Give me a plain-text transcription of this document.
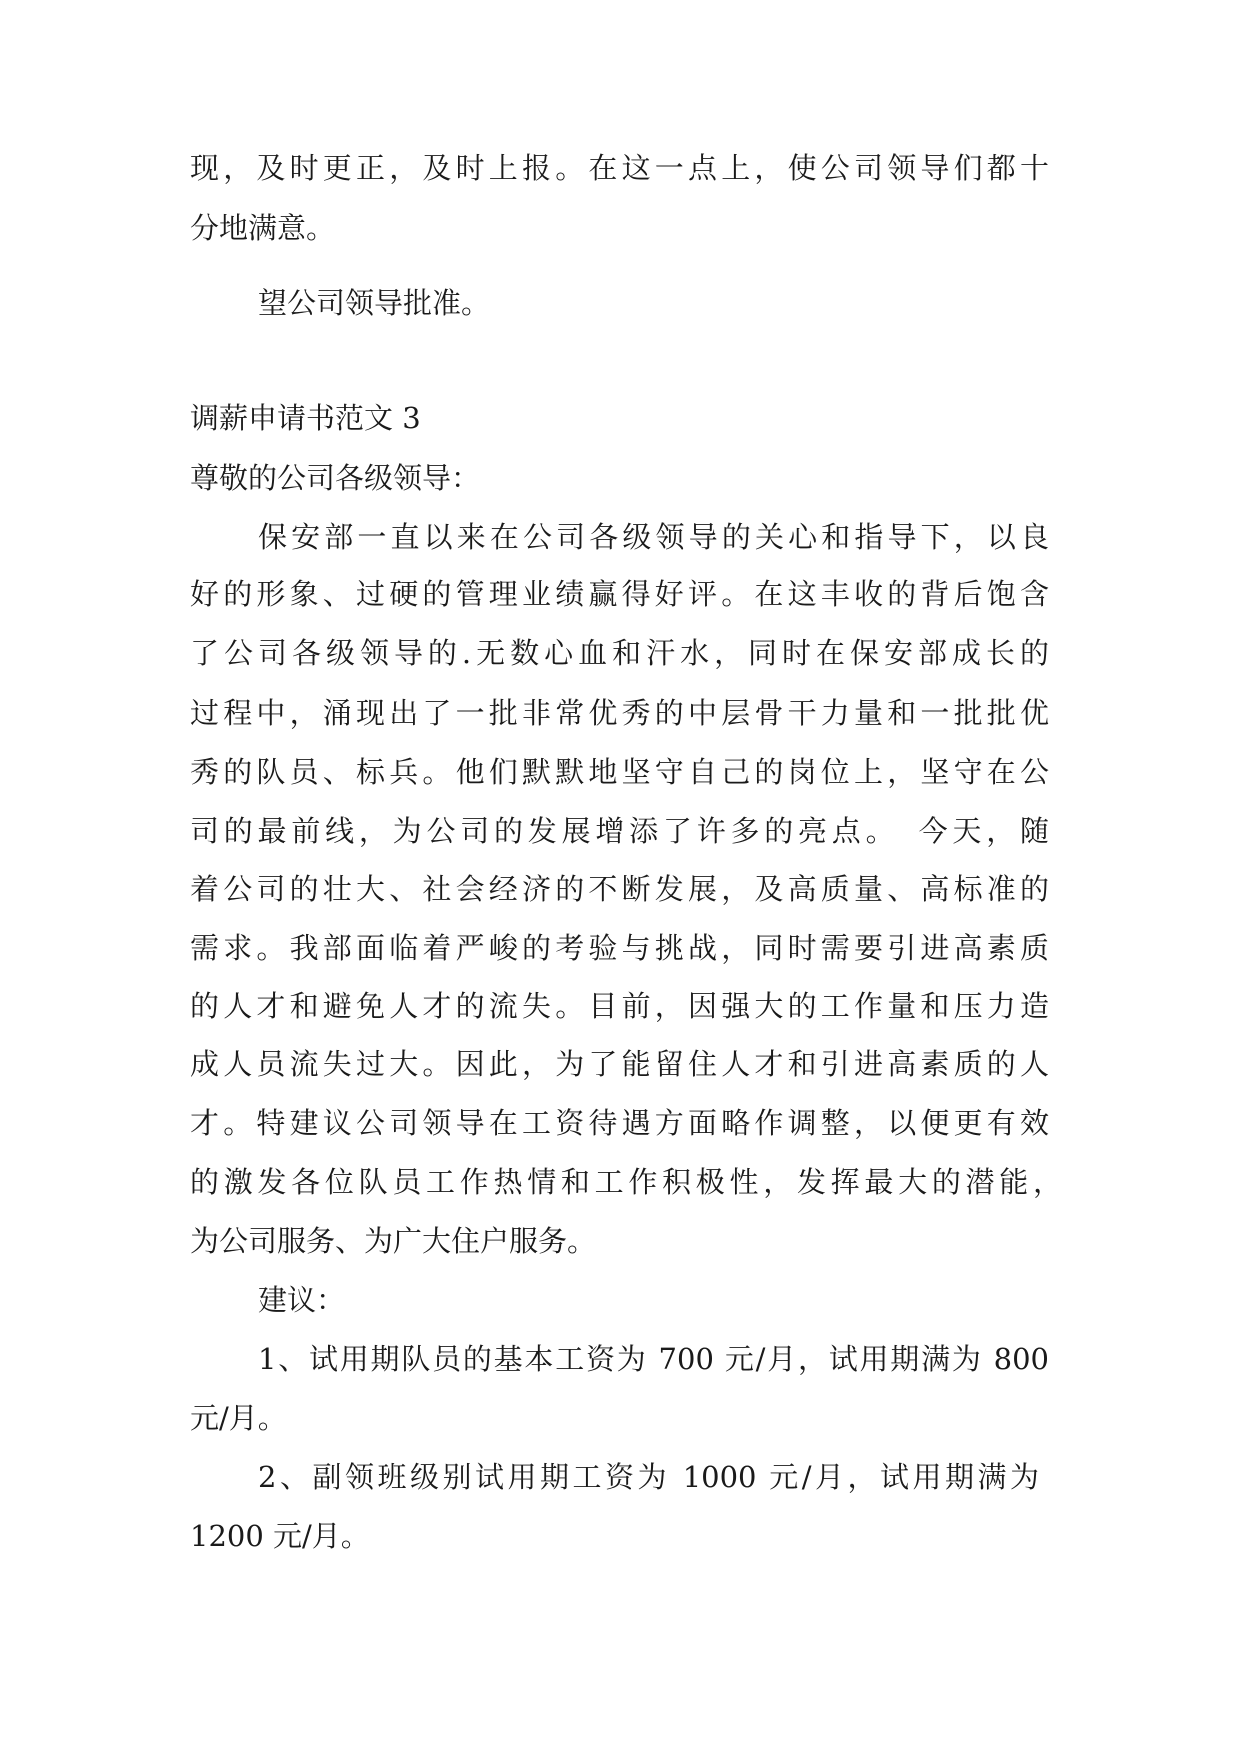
现，及时更正，及时上报。在这一点上，使公司领导们都十

分地满意。

望公司领导批准。

调薪申请书范文 3

尊敬的公司各级领导：

保安部一直以来在公司各级领导的关心和指导下，以良

好的形象、过硬的管理业绩赢得好评。在这丰收的背后饱含

了公司各级领导的.无数心血和汗水，同时在保安部成长的

过程中，涌现出了一批非常优秀的中层骨干力量和一批批优

秀的队员、标兵。他们默默地坚守自己的岗位上，坚守在公

司的最前线，为公司的发展增添了许多的亮点。　今天，随

着公司的壮大、社会经济的不断发展，及高质量、高标准的

需求。我部面临着严峻的考验与挑战，同时需要引进高素质

的人才和避免人才的流失。目前，因强大的工作量和压力造

成人员流失过大。因此，为了能留住人才和引进高素质的人

才。特建议公司领导在工资待遇方面略作调整，以便更有效

的激发各位队员工作热情和工作积极性，发挥最大的潜能，

为公司服务、为广大住户服务。

建议：

1、试用期队员的基本工资为 700 元/月，试用期满为 800

元/月。

2、副领班级别试用期工资为 1000 元/月，试用期满为

1200 元/月。
